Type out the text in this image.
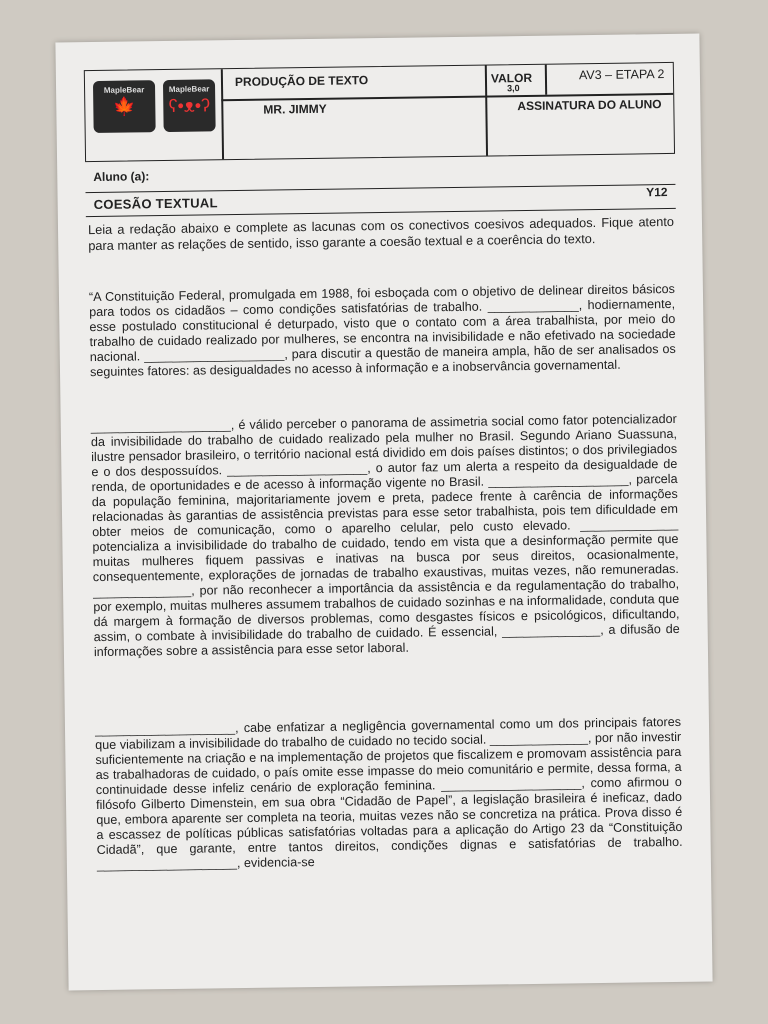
MapleBear
🍁
MapleBear
ʕ•ᴥ•ʔ
PRODUÇÃO DE TEXTO	VALOR
3,0
AV3 – ETAPA 2
MR. JIMMY	ASSINATURA DO ALUNO
Aluno (a):
COESÃO TEXTUAL
Y12
Leia a redação abaixo e complete as lacunas com os conectivos coesivos adequados. Fique atento para manter as relações de sentido, isso garante a coesão textual e a coerência do texto.
“A Constituição Federal, promulgada em 1988, foi esboçada com o objetivo de delinear direitos básicos para todos os cidadãos – como condições satisfatórias de trabalho. _____________, hodiernamente, esse postulado constitucional é deturpado, visto que o contato com a área trabalhista, por meio do trabalho de cuidado realizado por mulheres, se encontra na invisibilidade e não efetivado na sociedade nacional. ____________________, para discutir a questão de maneira ampla, hão de ser analisados os seguintes fatores: as desigualdades no acesso à informação e a inobservância governamental.
____________________, é válido perceber o panorama de assimetria social como fator potencializador da invisibilidade do trabalho de cuidado realizado pela mulher no Brasil. Segundo Ariano Suassuna, ilustre pensador brasileiro, o território nacional está dividido em dois países distintos; o dos privilegiados e o dos despossuídos. ____________________, o autor faz um alerta a respeito da desigualdade de renda, de oportunidades e de acesso à informação vigente no Brasil. ____________________, parcela da população feminina, majoritariamente jovem e preta, padece frente à carência de informações relacionadas às garantias de assistência previstas para esse setor trabalhista, pois tem dificuldade em obter meios de comunicação, como o aparelho celular, pelo custo elevado. ______________ potencializa a invisibilidade do trabalho de cuidado, tendo em vista que a desinformação permite que muitas mulheres fiquem passivas e inativas na busca por seus direitos, ocasionalmente, consequentemente, explorações de jornadas de trabalho exaustivas, muitas vezes, não remuneradas. ______________, por não reconhecer a importância da assistência e da regulamentação do trabalho, por exemplo, muitas mulheres assumem trabalhos de cuidado sozinhas e na informalidade, conduta que dá margem à formação de diversos problemas, como desgastes físicos e psicológicos, dificultando, assim, o combate à invisibilidade do trabalho de cuidado. É essencial, ______________, a difusão de informações sobre a assistência para esse setor laboral.
____________________, cabe enfatizar a negligência governamental como um dos principais fatores que viabilizam a invisibilidade do trabalho de cuidado no tecido social. ______________, por não investir suficientemente na criação e na implementação de projetos que fiscalizem e promovam assistência para as trabalhadoras de cuidado, o país omite esse impasse do meio comunitário e permite, dessa forma, a continuidade desse infeliz cenário de exploração feminina. ____________________, como afirmou o filósofo Gilberto Dimenstein, em sua obra “Cidadão de Papel”, a legislação brasileira é ineficaz, dado que, embora aparente ser completa na teoria, muitas vezes não se concretiza na prática. Prova disso é a escassez de políticas públicas satisfatórias voltadas para a aplicação do Artigo 23 da “Constituição Cidadã”, que garante, entre tantos direitos, condições dignas e satisfatórias de trabalho. ____________________, evidencia-se
